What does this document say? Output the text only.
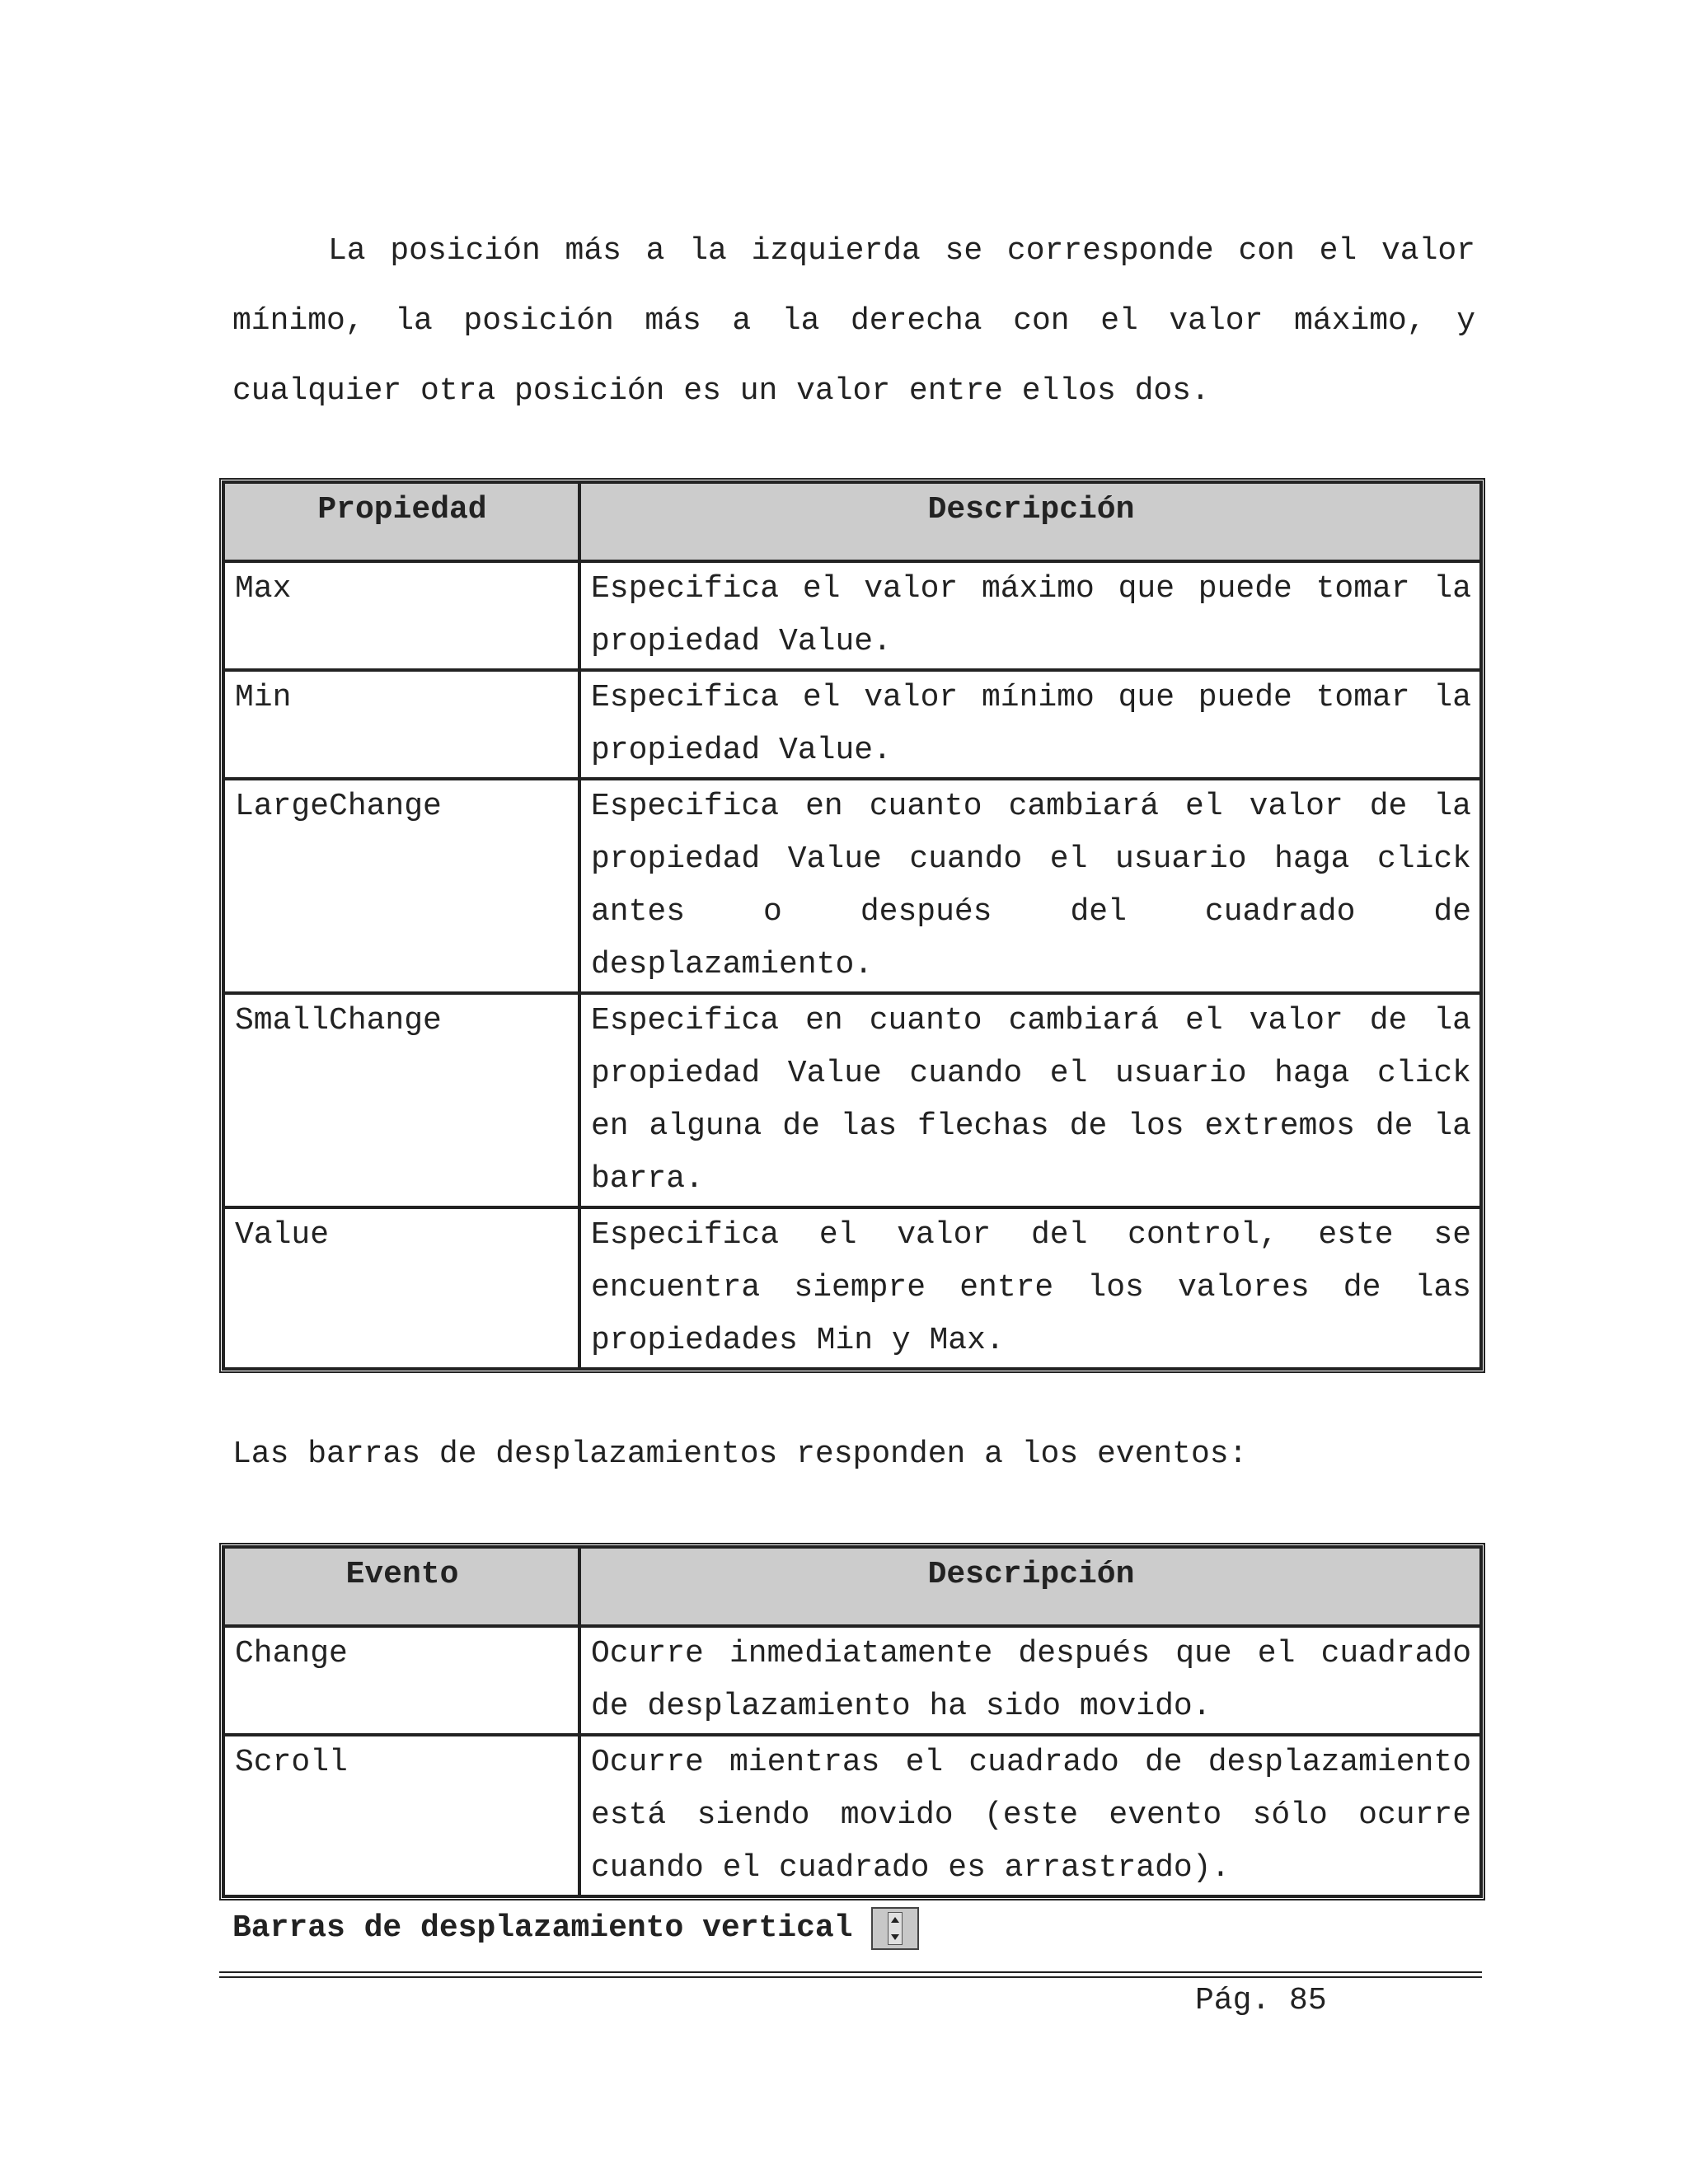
La posición más a la izquierda se corresponde con el valor mínimo, la posición más a la derecha con el valor máximo, y cualquier otra posición es un valor entre ellos dos.

Propiedad	Descripción
Max	Especifica el valor máximo que puede tomar la propiedad Value.
Min	Especifica el valor mínimo que puede tomar la propiedad Value.
LargeChange	Especifica en cuanto cambiará el valor de la propiedad Value cuando el usuario haga click antes o después del cuadrado de desplazamiento.
SmallChange	Especifica en cuanto cambiará el valor de la propiedad Value cuando el usuario haga click en alguna de las flechas de los extremos de la barra.
Value	Especifica el valor del control, este se encuentra siempre entre los valores de las propiedades Min y Max.

Las barras de desplazamientos responden a los eventos:

Evento	Descripción
Change	Ocurre inmediatamente después que el cuadrado de desplazamiento ha sido movido.
Scroll	Ocurre mientras el cuadrado de desplazamiento está siendo movido (este evento sólo ocurre cuando el cuadrado es arrastrado).
Barras de desplazamiento vertical
Pág. 85
